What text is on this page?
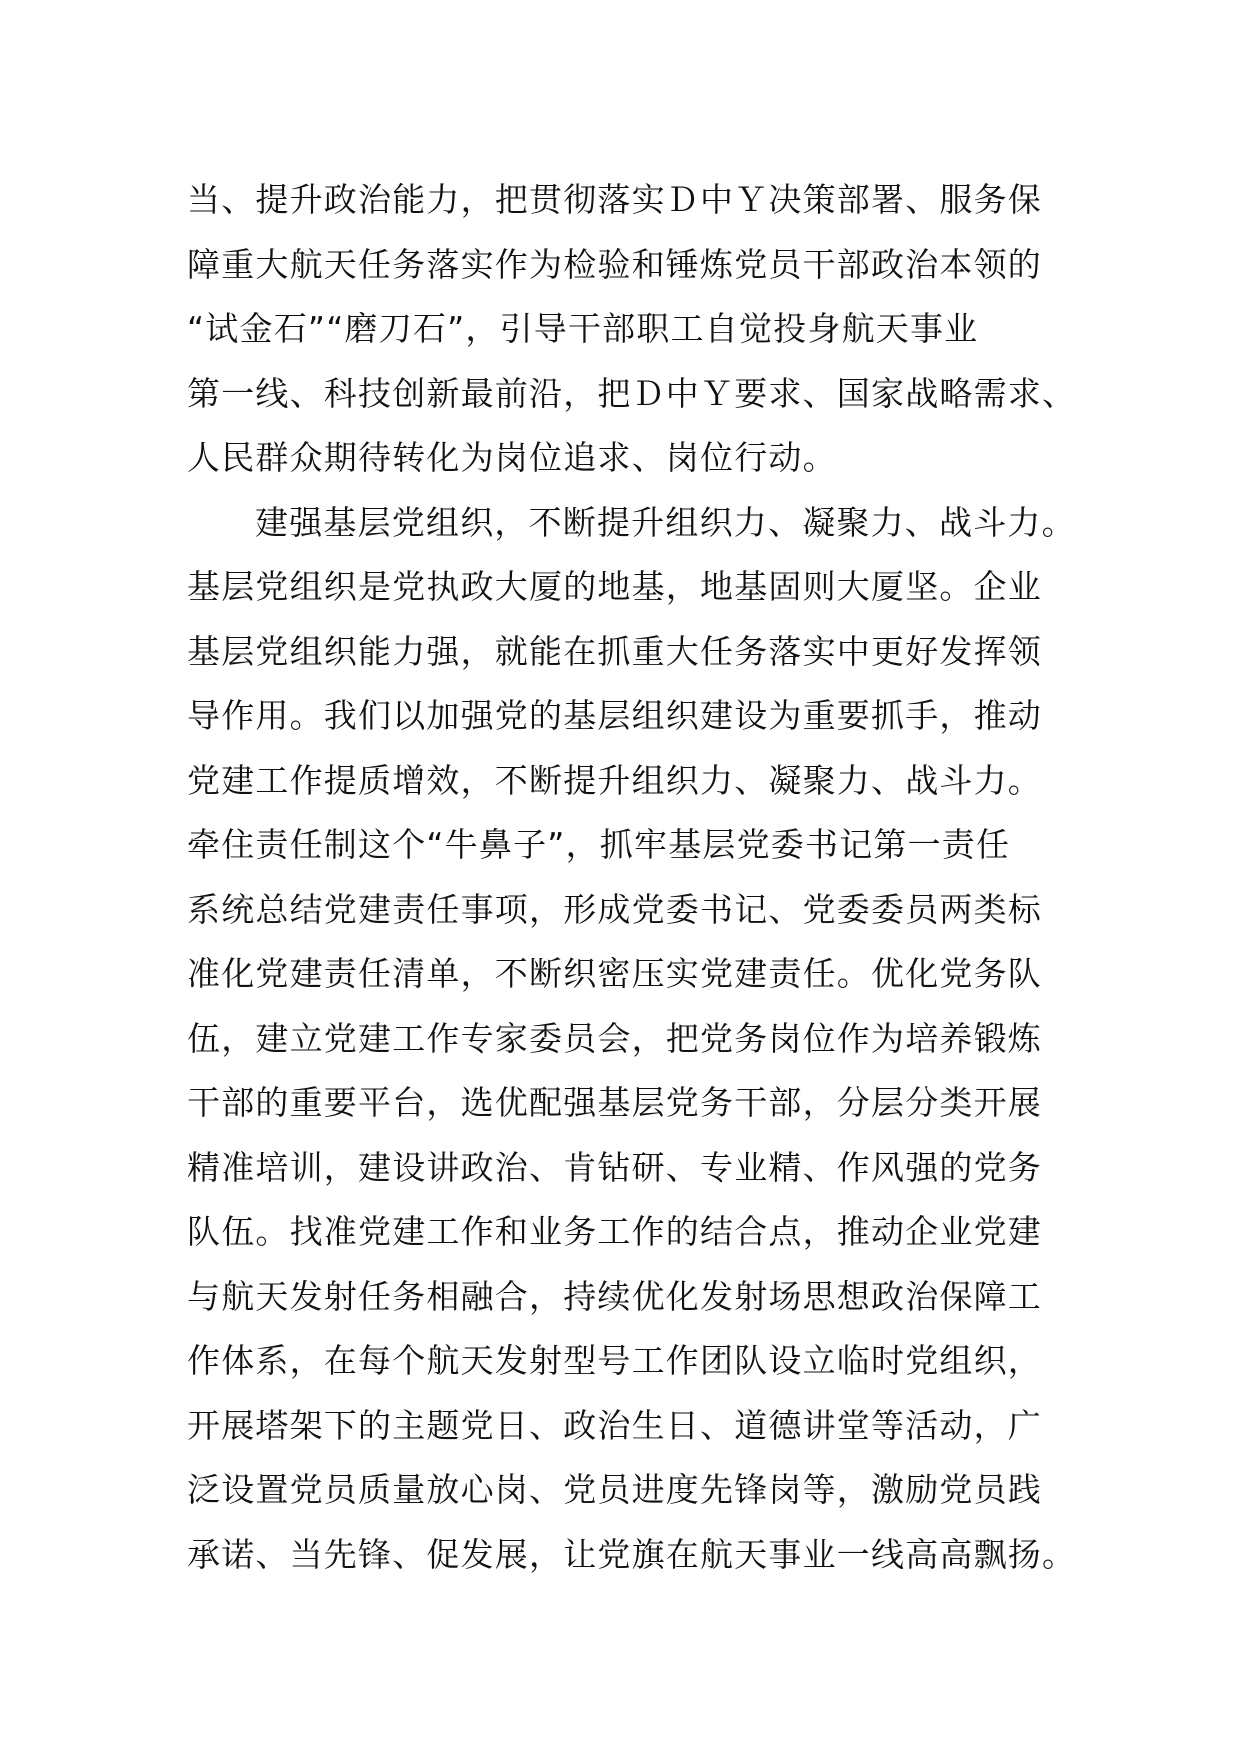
当、提升政治能力，把贯彻落实Ｄ中Ｙ决策部署、服务保
障重大航天任务落实作为检验和锤炼党员干部政治本领的
“试金石”“磨刀石”，引导干部职工自觉投身航天事业
第一线、科技创新最前沿，把Ｄ中Ｙ要求、国家战略需求、
人民群众期待转化为岗位追求、岗位行动。
建强基层党组织，不断提升组织力、凝聚力、战斗力。
基层党组织是党执政大厦的地基，地基固则大厦坚。企业
基层党组织能力强，就能在抓重大任务落实中更好发挥领
导作用。我们以加强党的基层组织建设为重要抓手，推动
党建工作提质增效，不断提升组织力、凝聚力、战斗力。
牵住责任制这个“牛鼻子”，抓牢基层党委书记第一责任
系统总结党建责任事项，形成党委书记、党委委员两类标
准化党建责任清单，不断织密压实党建责任。优化党务队
伍，建立党建工作专家委员会，把党务岗位作为培养锻炼
干部的重要平台，选优配强基层党务干部，分层分类开展
精准培训，建设讲政治、肯钻研、专业精、作风强的党务
队伍。找准党建工作和业务工作的结合点，推动企业党建
与航天发射任务相融合，持续优化发射场思想政治保障工
作体系，在每个航天发射型号工作团队设立临时党组织，
开展塔架下的主题党日、政治生日、道德讲堂等活动，广
泛设置党员质量放心岗、党员进度先锋岗等，激励党员践
承诺、当先锋、促发展，让党旗在航天事业一线高高飘扬。
